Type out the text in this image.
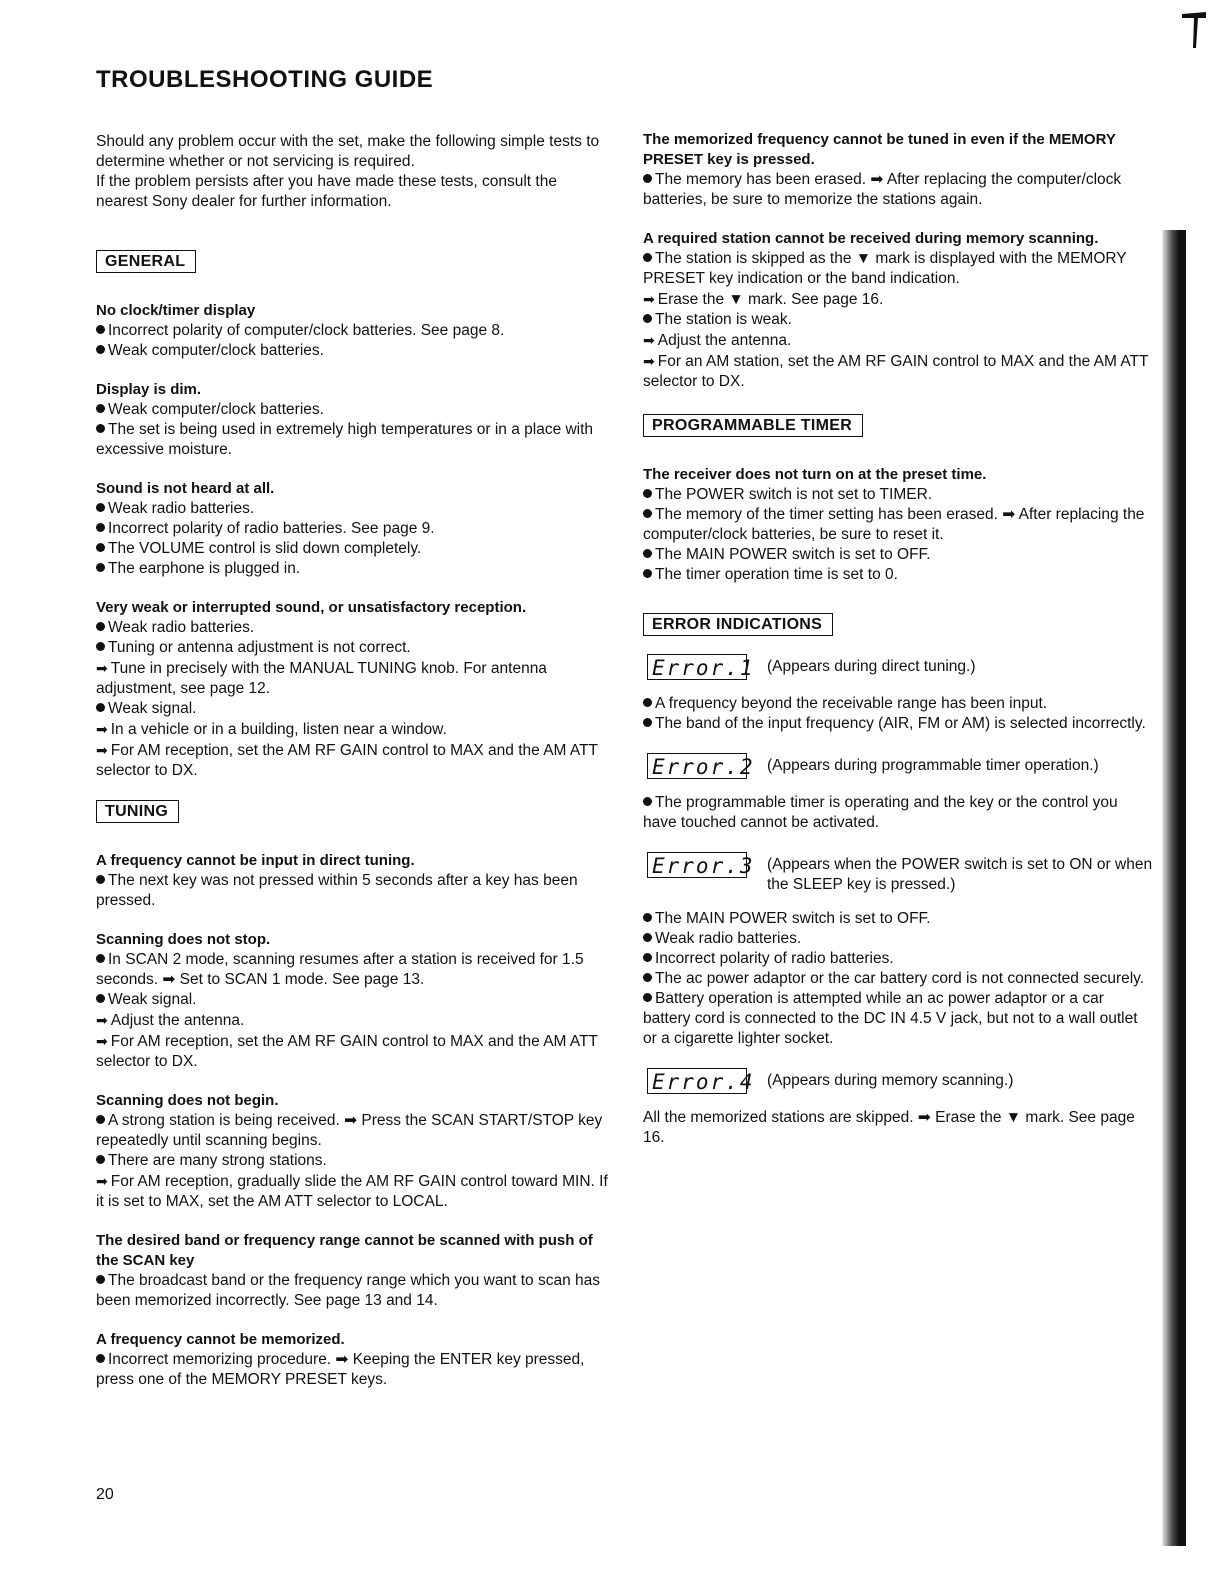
TROUBLESHOOTING GUIDE

Should any problem occur with the set, make the following simple tests to determine whether or not servicing is required.

If the problem persists after you have made these tests, consult the nearest Sony dealer for further information.

GENERAL

No clock/timer display

Incorrect polarity of computer/clock batteries. See page 8.

Weak computer/clock batteries.

Display is dim.

Weak computer/clock batteries.

The set is being used in extremely high temperatures or in a place with excessive moisture.

Sound is not heard at all.

Weak radio batteries.

Incorrect polarity of radio batteries. See page 9.

The VOLUME control is slid down completely.

The earphone is plugged in.

Very weak or interrupted sound, or unsatisfactory reception.

Weak radio batteries.

Tuning or antenna adjustment is not correct.

➡ Tune in precisely with the MANUAL TUNING knob. For antenna adjustment, see page 12.

Weak signal.

➡ In a vehicle or in a building, listen near a window.

➡ For AM reception, set the AM RF GAIN control to MAX and the AM ATT selector to DX.

TUNING

A frequency cannot be input in direct tuning.

The next key was not pressed within 5 seconds after a key has been pressed.

Scanning does not stop.

In SCAN 2 mode, scanning resumes after a station is received for 1.5 seconds. ➡ Set to SCAN 1 mode. See page 13.

Weak signal.

➡ Adjust the antenna.

➡ For AM reception, set the AM RF GAIN control to MAX and the AM ATT selector to DX.

Scanning does not begin.

A strong station is being received. ➡ Press the SCAN START/STOP key repeatedly until scanning begins.

There are many strong stations.

➡ For AM reception, gradually slide the AM RF GAIN control toward MIN. If it is set to MAX, set the AM ATT selector to LOCAL.

The desired band or frequency range cannot be scanned with push of the SCAN key

The broadcast band or the frequency range which you want to scan has been memorized incorrectly. See page 13 and 14.

A frequency cannot be memorized.

Incorrect memorizing procedure. ➡ Keeping the ENTER key pressed, press one of the MEMORY PRESET keys.

The memorized frequency cannot be tuned in even if the MEMORY PRESET key is pressed.

The memory has been erased. ➡ After replacing the computer/clock batteries, be sure to memorize the stations again.

A required station cannot be received during memory scanning.

The station is skipped as the ▼ mark is displayed with the MEMORY PRESET key indication or the band indication.

➡ Erase the ▼ mark. See page 16.

The station is weak.

➡ Adjust the antenna.

➡ For an AM station, set the AM RF GAIN control to MAX and the AM ATT selector to DX.

PROGRAMMABLE TIMER

The receiver does not turn on at the preset time.

The POWER switch is not set to TIMER.

The memory of the timer setting has been erased. ➡ After replacing the computer/clock batteries, be sure to reset it.

The MAIN POWER switch is set to OFF.

The timer operation time is set to 0.

ERROR INDICATIONS
Error.1 (Appears during direct tuning.)

A frequency beyond the receivable range has been input.

The band of the input frequency (AIR, FM or AM) is selected incorrectly.

Error.2 (Appears during programmable timer operation.)

The programmable timer is operating and the key or the control you have touched cannot be activated.

Error.3 (Appears when the POWER switch is set to ON or when the SLEEP key is pressed.)

The MAIN POWER switch is set to OFF.

Weak radio batteries.

Incorrect polarity of radio batteries.

The ac power adaptor or the car battery cord is not connected securely.

Battery operation is attempted while an ac power adaptor or a car battery cord is connected to the DC IN 4.5 V jack, but not to a wall outlet or a cigarette lighter socket.

Error.4 (Appears during memory scanning.)

All the memorized stations are skipped. ➡ Erase the ▼ mark. See page 16.

20
